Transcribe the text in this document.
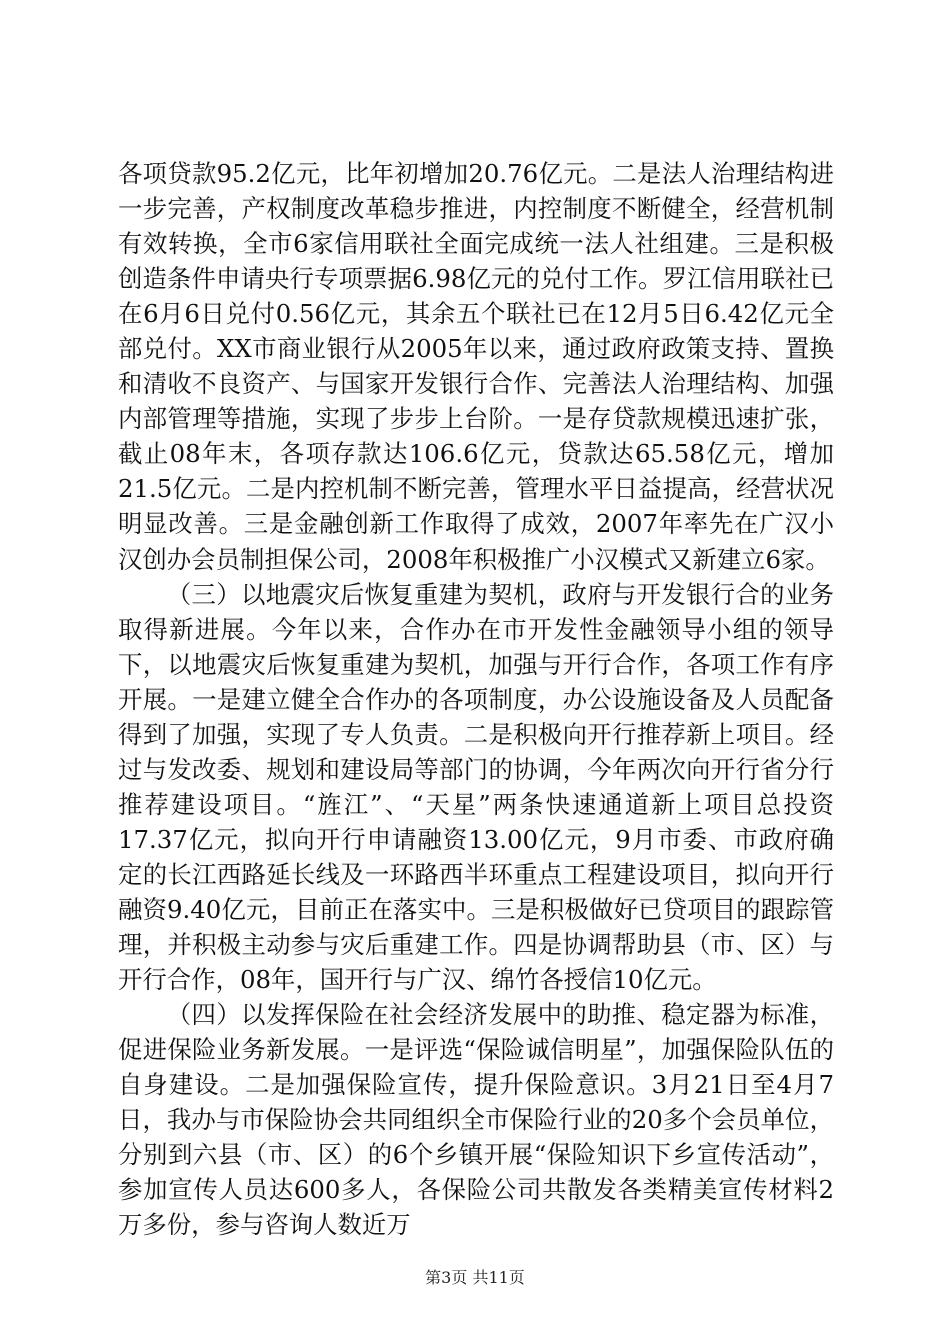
各项贷款95.2亿元，比年初增加20.76亿元。二是法人治理结构进一步完善，产权制度改革稳步推进，内控制度不断健全，经营机制有效转换，全市6家信用联社全面完成统一法人社组建。三是积极创造条件申请央行专项票据6.98亿元的兑付工作。罗江信用联社已在6月6日兑付0.56亿元，其余五个联社已在12月5日6.42亿元全部兑付。XX市商业银行从2005年以来，通过政府政策支持、置换和清收不良资产、与国家开发银行合作、完善法人治理结构、加强内部管理等措施，实现了步步上台阶。一是存贷款规模迅速扩张，截止08年末，各项存款达106.6亿元，贷款达65.58亿元，增加21.5亿元。二是内控机制不断完善，管理水平日益提高，经营状况明显改善。三是金融创新工作取得了成效，2007年率先在广汉小汉创办会员制担保公司，2008年积极推广小汉模式又新建立6家。

（三）以地震灾后恢复重建为契机，政府与开发银行合的业务取得新进展。今年以来，合作办在市开发性金融领导小组的领导下，以地震灾后恢复重建为契机，加强与开行合作，各项工作有序开展。一是建立健全合作办的各项制度，办公设施设备及人员配备得到了加强，实现了专人负责。二是积极向开行推荐新上项目。经过与发改委、规划和建设局等部门的协调，今年两次向开行省分行推荐建设项目。“旌江”、“天星”两条快速通道新上项目总投资17.37亿元，拟向开行申请融资13.00亿元，9月市委、市政府确定的长江西路延长线及一环路西半环重点工程建设项目，拟向开行融资9.40亿元，目前正在落实中。三是积极做好已贷项目的跟踪管理，并积极主动参与灾后重建工作。四是协调帮助县（市、区）与开行合作，08年，国开行与广汉、绵竹各授信10亿元。

（四）以发挥保险在社会经济发展中的助推、稳定器为标准，促进保险业务新发展。一是评选“保险诚信明星”，加强保险队伍的自身建设。二是加强保险宣传，提升保险意识。3月21日至4月7日，我办与市保险协会共同组织全市保险行业的20多个会员单位，分别到六县（市、区）的6个乡镇开展“保险知识下乡宣传活动”，参加宣传人员达600多人，各保险公司共散发各类精美宣传材料2万多份，参与咨询人数近万

第3页 共11页
